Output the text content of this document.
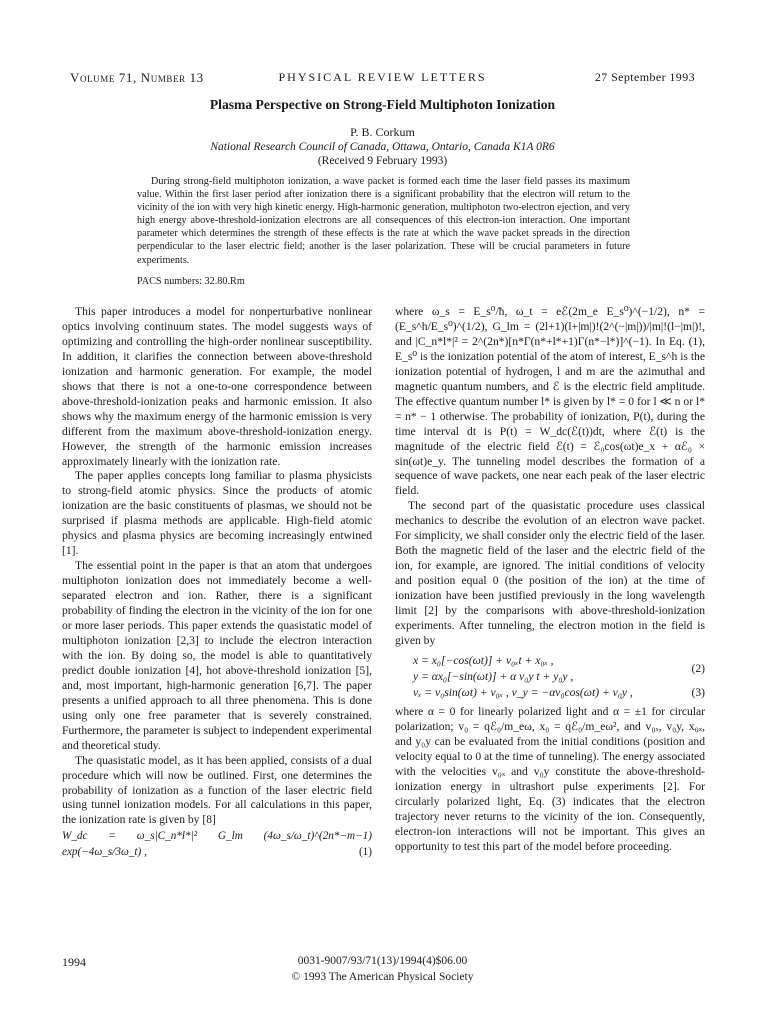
Volume 71, Number 13	PHYSICAL REVIEW LETTERS	27 September 1993
Plasma Perspective on Strong-Field Multiphoton Ionization
P. B. Corkum
National Research Council of Canada, Ottawa, Ontario, Canada K1A 0R6
(Received 9 February 1993)
During strong-field multiphoton ionization, a wave packet is formed each time the laser field passes its maximum value. Within the first laser period after ionization there is a significant probability that the electron will return to the vicinity of the ion with very high kinetic energy. High-harmonic generation, multiphoton two-electron ejection, and very high energy above-threshold-ionization electrons are all consequences of this electron-ion interaction. One important parameter which determines the strength of these effects is the rate at which the wave packet spreads in the direction perpendicular to the laser electric field; another is the laser polarization. These will be crucial parameters in future experiments.
PACS numbers: 32.80.Rm

This paper introduces a model for nonperturbative nonlinear optics involving continuum states. The model suggests ways of optimizing and controlling the high-order nonlinear susceptibility. In addition, it clarifies the connection between above-threshold ionization and harmonic generation. For example, the model shows that there is not a one-to-one correspondence between above-threshold-ionization peaks and harmonic emission. It also shows why the maximum energy of the harmonic emission is very different from the maximum above-threshold-ionization energy. However, the strength of the harmonic emission increases approximately linearly with the ionization rate.

The paper applies concepts long familiar to plasma physicists to strong-field atomic physics. Since the products of atomic ionization are the basic constituents of plasmas, we should not be surprised if plasma methods are applicable. High-field atomic physics and plasma physics are becoming increasingly entwined [1].

The essential point in the paper is that an atom that undergoes multiphoton ionization does not immediately become a well-separated electron and ion. Rather, there is a significant probability of finding the electron in the vicinity of the ion for one or more laser periods. This paper extends the quasistatic model of multiphoton ionization [2,3] to include the electron interaction with the ion. By doing so, the model is able to quantitatively predict double ionization [4], hot above-threshold ionization [5], and, most important, high-harmonic generation [6,7]. The paper presents a unified approach to all three phenomena. This is done using only one free parameter that is severely constrained. Furthermore, the parameter is subject to independent experimental and theoretical study.

The quasistatic model, as it has been applied, consists of a dual procedure which will now be outlined. First, one determines the probability of ionization as a function of the laser electric field using tunnel ionization models. For all calculations in this paper, the ionization rate is given by [8]

W_dc = ω_s|C_n*l*|² G_lm (4ω_s/ω_t)^(2n*−m−1) exp(−4ω_s/3ω_t) ,	(1)

where ω_s = E_s⁰/ħ, ω_t = eℰ(2m_e E_s⁰)^(−1/2), n* = (E_s^h/E_s⁰)^(1/2), G_lm = (2l+1)(l+|m|)!(2^(−|m|))/|m|!(l−|m|)!, and |C_n*l*|² = 2^(2n*)[n*Γ(n*+l*+1)Γ(n*−l*)]^(−1). In Eq. (1), E_s⁰ is the ionization potential of the atom of interest, E_s^h is the ionization potential of hydrogen, l and m are the azimuthal and magnetic quantum numbers, and ℰ is the electric field amplitude. The effective quantum number l* is given by l* = 0 for l ≪ n or l* = n* − 1 otherwise. The probability of ionization, P(t), during the time interval dt is P(t) = W_dc(ℰ(t))dt, where ℰ(t) is the magnitude of the electric field ℰ(t) = ℰ₀cos(ωt)e_x + αℰ₀ × sin(ωt)e_y. The tunneling model describes the formation of a sequence of wave packets, one near each peak of the laser electric field.

The second part of the quasistatic procedure uses classical mechanics to describe the evolution of an electron wave packet. For simplicity, we shall consider only the electric field of the laser. Both the magnetic field of the laser and the electric field of the ion, for example, are ignored. The initial conditions of velocity and position equal 0 (the position of the ion) at the time of ionization have been justified previously in the long wavelength limit [2] by the comparisons with above-threshold-ionization experiments. After tunneling, the electron motion in the field is given by

x = x₀[−cos(ωt)] + v₀ₓt + x₀ₓ ,
y = αx₀[−sin(ωt)] + α v₀y t + y₀y ,
(2)
vₓ = v₀sin(ωt) + v₀ₓ , v_y = −αv₀cos(ωt) + v₀y ,	(3)

where α = 0 for linearly polarized light and α = ±1 for circular polarization; v₀ = qℰ₀/m_eω, x₀ = qℰ₀/m_eω², and v₀ₓ, v₀y, x₀ₓ, and y₀y can be evaluated from the initial conditions (position and velocity equal to 0 at the time of tunneling). The energy associated with the velocities v₀ₓ and v₀y constitute the above-threshold-ionization energy in ultrashort pulse experiments [2]. For circularly polarized light, Eq. (3) indicates that the electron trajectory never returns to the vicinity of the ion. Consequently, electron-ion interactions will not be important. This gives an opportunity to test this part of the model before proceeding.

1994	0031-9007/93/71(13)/1994(4)$06.00
© 1993 The American Physical Society
